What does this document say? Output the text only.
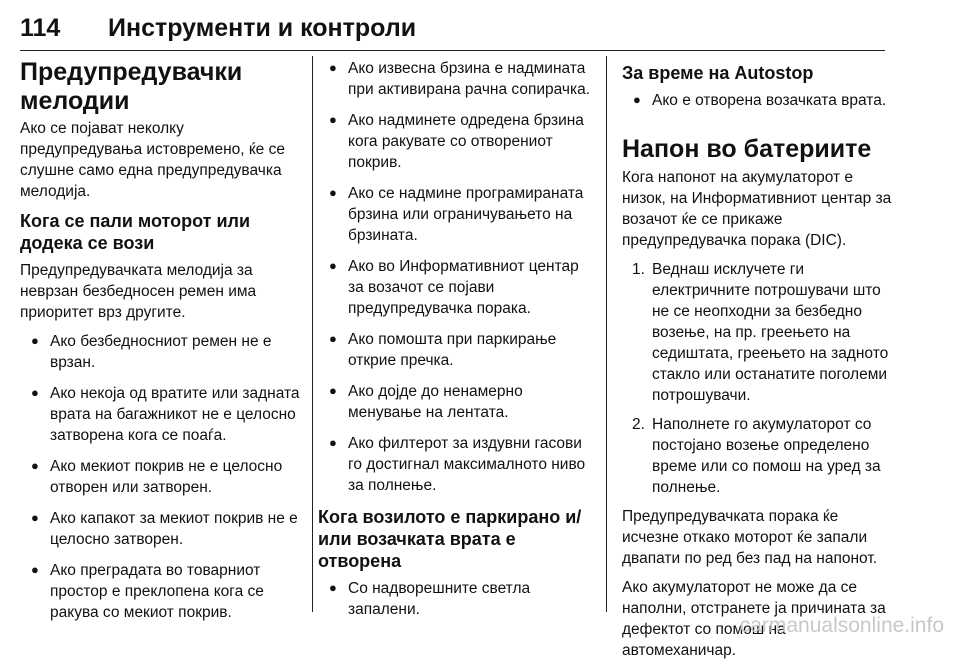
114 Инструменти и контроли
Предупредувачки мелодии

Ако се појават неколку предупредувања истовремено, ќе се слушне само една предупредувачка мелодија.

Кога се пали моторот или додека се вози

Предупредувачката мелодија за неврзан безбедносен ремен има приоритет врз другите.

● Ако безбедносниот ремен не е врзан.
● Ако некоја од вратите или задната врата на багажникот не е целосно затворена кога се поаѓа.
● Ако мекиот покрив не е целосно отворен или затворен.
● Ако капакот за мекиот покрив не е целосно затворен.
● Ако преградата во товарниот простор е преклопена кога се ракува со мекиот покрив.
● Ако извесна брзина е надмината при активирана рачна сопирачка.
● Ако надминете одредена брзина кога ракувате со отворениот покрив.
● Ако се надмине програмираната брзина или ограничувањето на брзината.
● Ако во Информативниот центар за возачот се појави предупредувачка порака.
● Ако помошта при паркирање открие пречка.
● Ако дојде до ненамерно менување на лентата.
● Ако филтерот за издувни гасови го достигнал максималното ниво за полнење.
Кога возилото е паркирано и/или возачката врата е отворена
● Со надворешните светла запалени.
За време на Autostop
● Ако е отворена возачката врата.
Напон во батериите

Кога напонот на акумулаторот е низок, на Информативниот центар за возачот ќе се прикаже предупредувачка порака (DIC).

1. Веднаш исклучете ги електричните потрошувачи што не се неопходни за безбедно возење, на пр. греењето на седиштата, греењето на задното стакло или останатите поголеми потрошувачи.
2. Наполнете го акумулаторот со постојано возење определено време или со помош на уред за полнење.

Предупредувачката порака ќе исчезне откако моторот ќе запали двапати по ред без пад на напонот.

Ако акумулаторот не може да се наполни, отстранете ја причината за дефектот со помош на автомеханичар.

carmanualsonline.info
